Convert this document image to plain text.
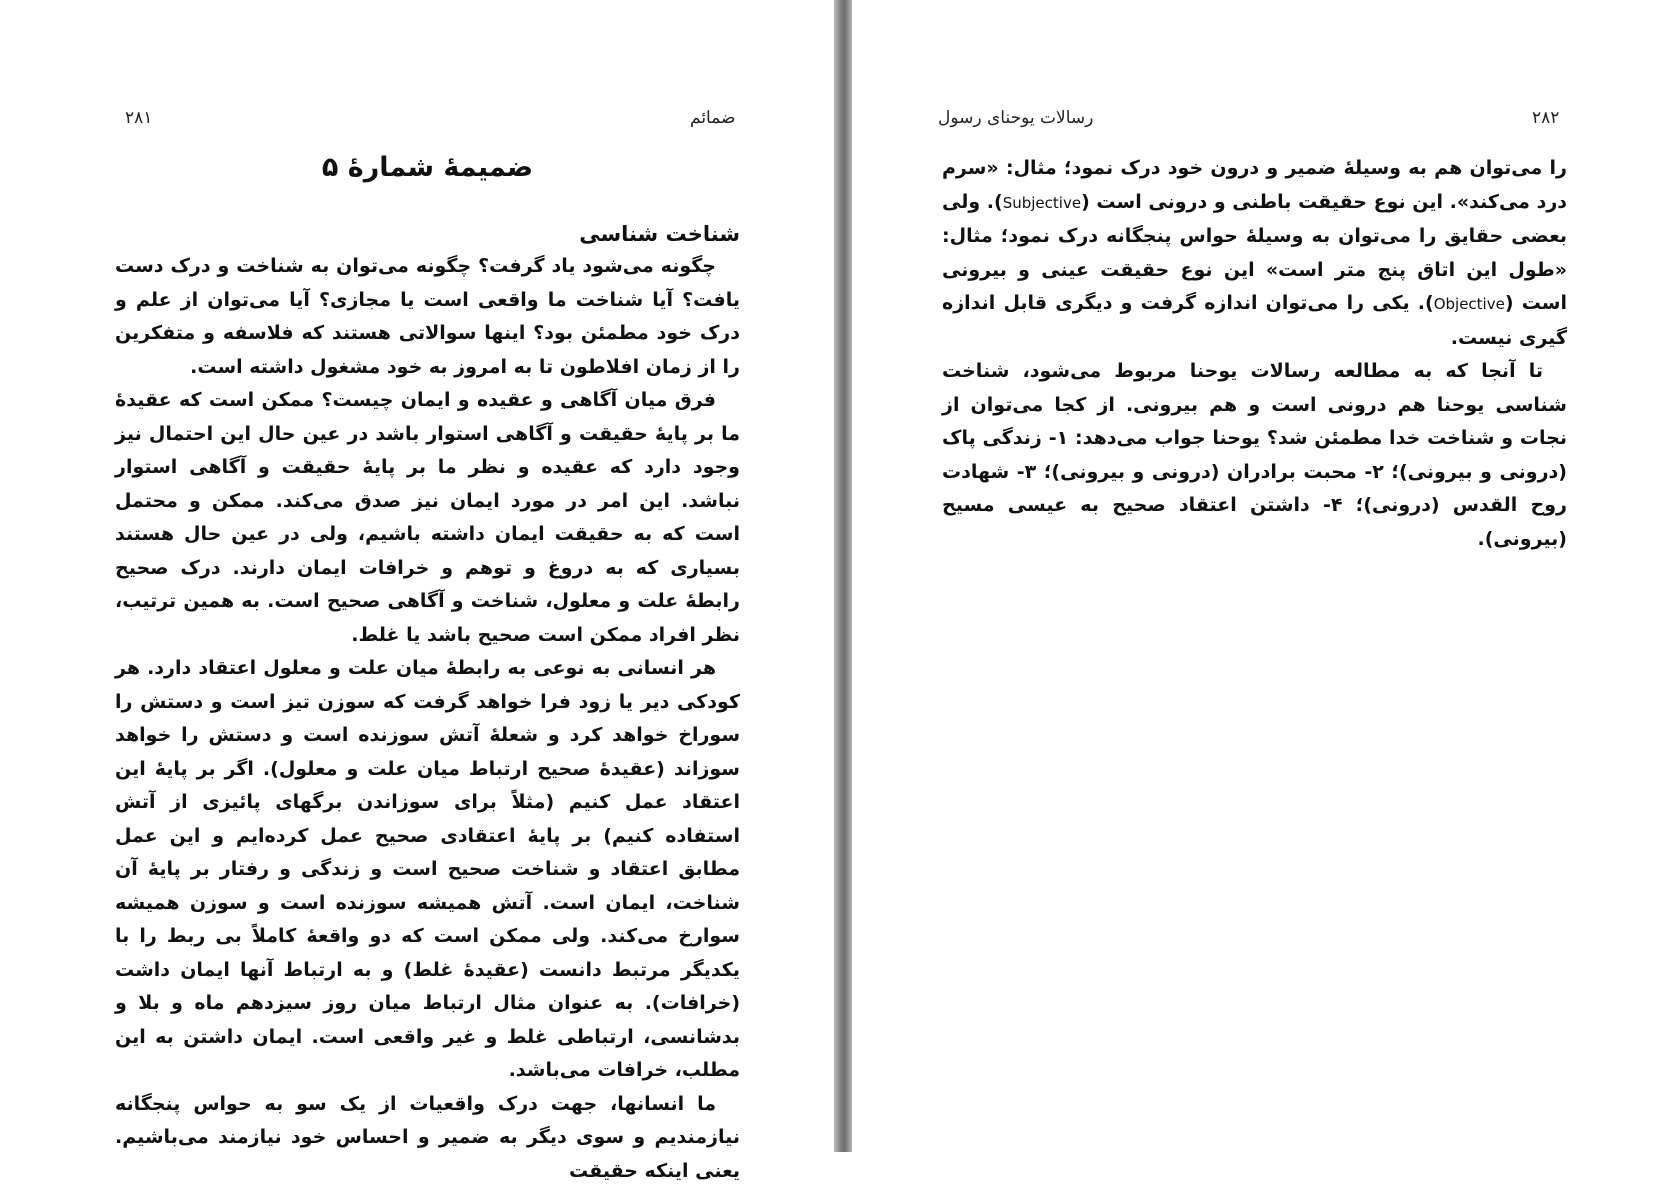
۲۸۱	ضمائم
ضمیمۀ شمارۀ ۵
شناخت شناسی

چگونه می‌شود یاد گرفت؟ چگونه می‌توان به شناخت و درک دست یافت؟ آیا شناخت ما واقعی است یا مجازی؟ آیا می‌توان از علم و درک خود مطمئن بود؟ اینها سوالاتی هستند که فلاسفه و متفکرین را از زمان افلاطون تا به امروز به خود مشغول داشته است.

فرق میان آگاهی و عقیده و ایمان چیست؟ ممکن است که عقیدۀ ما بر پایۀ حقیقت و آگاهی استوار باشد در عین حال این احتمال نیز وجود دارد که عقیده و نظر ما بر پایۀ حقیقت و آگاهی استوار نباشد. این امر در مورد ایمان نیز صدق می‌کند. ممکن و محتمل است که به حقیقت ایمان داشته باشیم، ولی در عین حال هستند بسیاری که به دروغ و توهم و خرافات ایمان دارند. درک صحیح رابطۀ علت و معلول، شناخت و آگاهی صحیح است. به همین ترتیب، نظر افراد ممکن است صحیح باشد یا غلط.

هر انسانی به نوعی به رابطۀ میان علت و معلول اعتقاد دارد. هر کودکی دیر یا زود فرا خواهد گرفت که سوزن تیز است و دستش را سوراخ خواهد کرد و شعلۀ آتش سوزنده است و دستش را خواهد سوزاند (عقیدۀ صحیح ارتباط میان علت و معلول). اگر بر پایۀ این اعتقاد عمل کنیم (مثلاً برای سوزاندن برگهای پائیزی از آتش استفاده کنیم) بر پایۀ اعتقادی صحیح عمل کرده‌ایم و این عمل مطابق اعتقاد و شناخت صحیح است و زندگی و رفتار بر پایۀ آن شناخت، ایمان است. آتش همیشه سوزنده است و سوزن همیشه سوارخ می‌کند. ولی ممکن است که دو واقعۀ کاملاً بی ربط را با یکدیگر مرتبط دانست (عقیدۀ غلط) و به ارتباط آنها ایمان داشت (خرافات). به عنوان مثال ارتباط میان روز سیزدهم ماه و بلا و بدشانسی، ارتباطی غلط و غیر واقعی است. ایمان داشتن به این مطلب، خرافات می‌باشد.

ما انسانها، جهت درک واقعیات از یک سو به حواس پنجگانه نیازمندیم و سوی دیگر به ضمیر و احساس خود نیازمند می‌باشیم. یعنی اینکه حقیقت

۲۸۲
رسالات یوحنای رسول

را می‌توان هم به وسیلۀ ضمیر و درون خود درک نمود؛ مثال: «سرم درد می‌کند». این نوع حقیقت باطنی و درونی است (Subjective). ولی بعضی حقایق را می‌توان به وسیلۀ حواس پنجگانه درک نمود؛ مثال: «طول این اتاق پنج متر است» این نوع حقیقت عینی و بیرونی است (Objective). یکی را می‌توان اندازه گرفت و دیگری قابل اندازه گیری نیست.

تا آنجا که به مطالعه رسالات یوحنا مربوط می‌شود، شناخت شناسی یوحنا هم درونی است و هم بیرونی. از کجا می‌توان از نجات و شناخت خدا مطمئن شد؟ یوحنا جواب می‌دهد: ۱- زندگی پاک (درونی و بیرونی)؛ ۲- محبت برادران (درونی و بیرونی)؛ ۳- شهادت روح القدس (درونی)؛ ۴- داشتن اعتقاد صحیح به عیسی مسیح (بیرونی).
